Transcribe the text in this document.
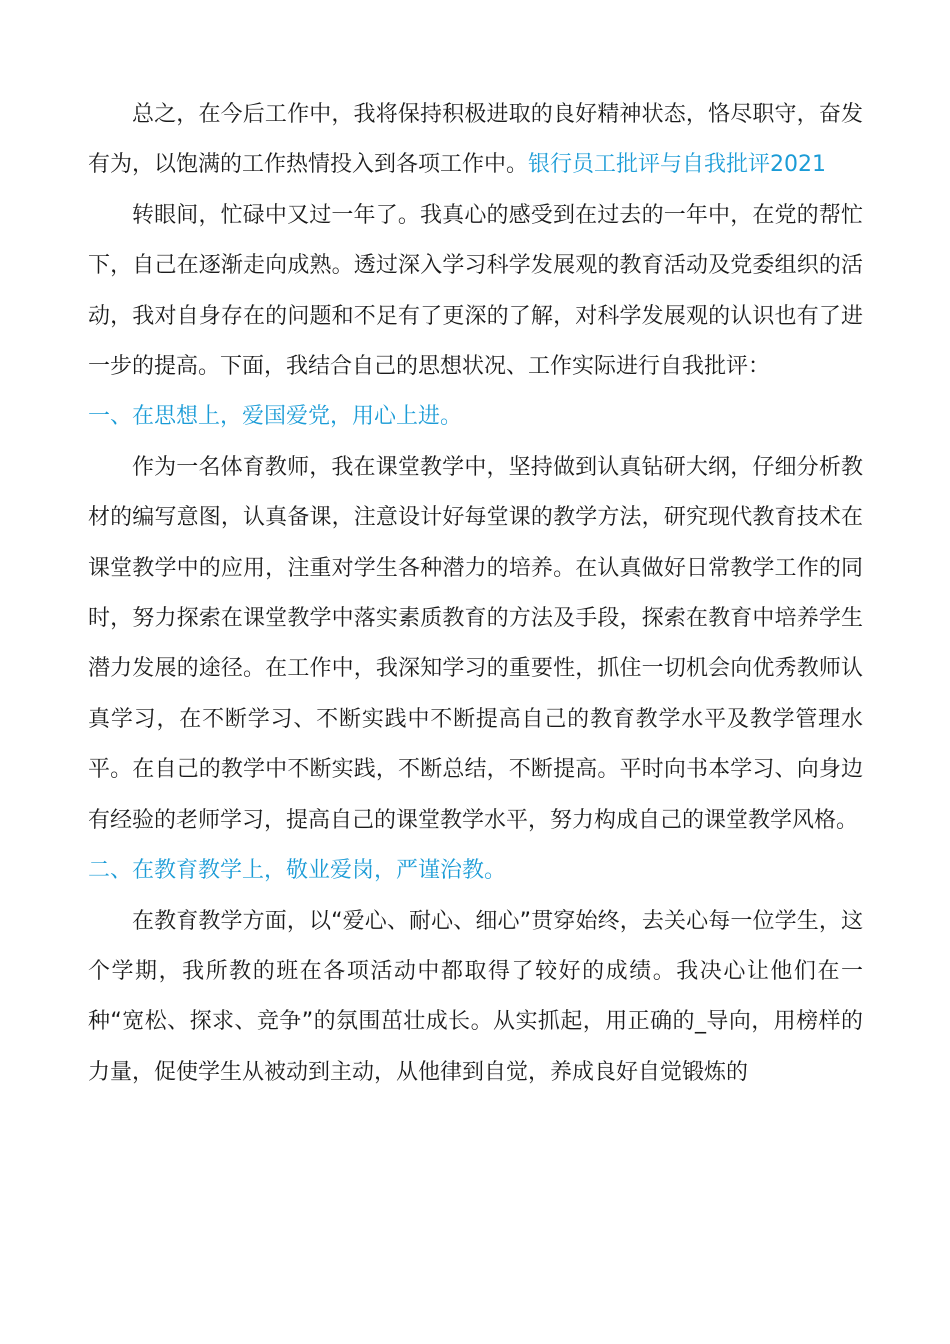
总之，在今后工作中，我将保持积极进取的良好精神状态，恪尽职守，奋发有为，以饱满的工作热情投入到各项工作中。银行员工批评与自我批评2021

转眼间，忙碌中又过一年了。我真心的感受到在过去的一年中，在党的帮忙下，自己在逐渐走向成熟。透过深入学习科学发展观的教育活动及党委组织的活动，我对自身存在的问题和不足有了更深的了解，对科学发展观的认识也有了进一步的提高。下面，我结合自己的思想状况、工作实际进行自我批评：

一、在思想上，爱国爱党，用心上进。

作为一名体育教师，我在课堂教学中，坚持做到认真钻研大纲，仔细分析教材的编写意图，认真备课，注意设计好每堂课的教学方法，研究现代教育技术在课堂教学中的应用，注重对学生各种潜力的培养。在认真做好日常教学工作的同时，努力探索在课堂教学中落实素质教育的方法及手段，探索在教育中培养学生潜力发展的途径。在工作中，我深知学习的重要性，抓住一切机会向优秀教师认真学习，在不断学习、不断实践中不断提高自己的教育教学水平及教学管理水平。在自己的教学中不断实践，不断总结，不断提高。平时向书本学习、向身边有经验的老师学习，提高自己的课堂教学水平，努力构成自己的课堂教学风格。

二、在教育教学上，敬业爱岗，严谨治教。

在教育教学方面，以“爱心、耐心、细心”贯穿始终，去关心每一位学生，这个学期，我所教的班在各项活动中都取得了较好的成绩。我决心让他们在一种“宽松、探求、竞争”的氛围茁壮成长。从实抓起，用正确的_导向，用榜样的力量，促使学生从被动到主动，从他律到自觉，养成良好自觉锻炼的
